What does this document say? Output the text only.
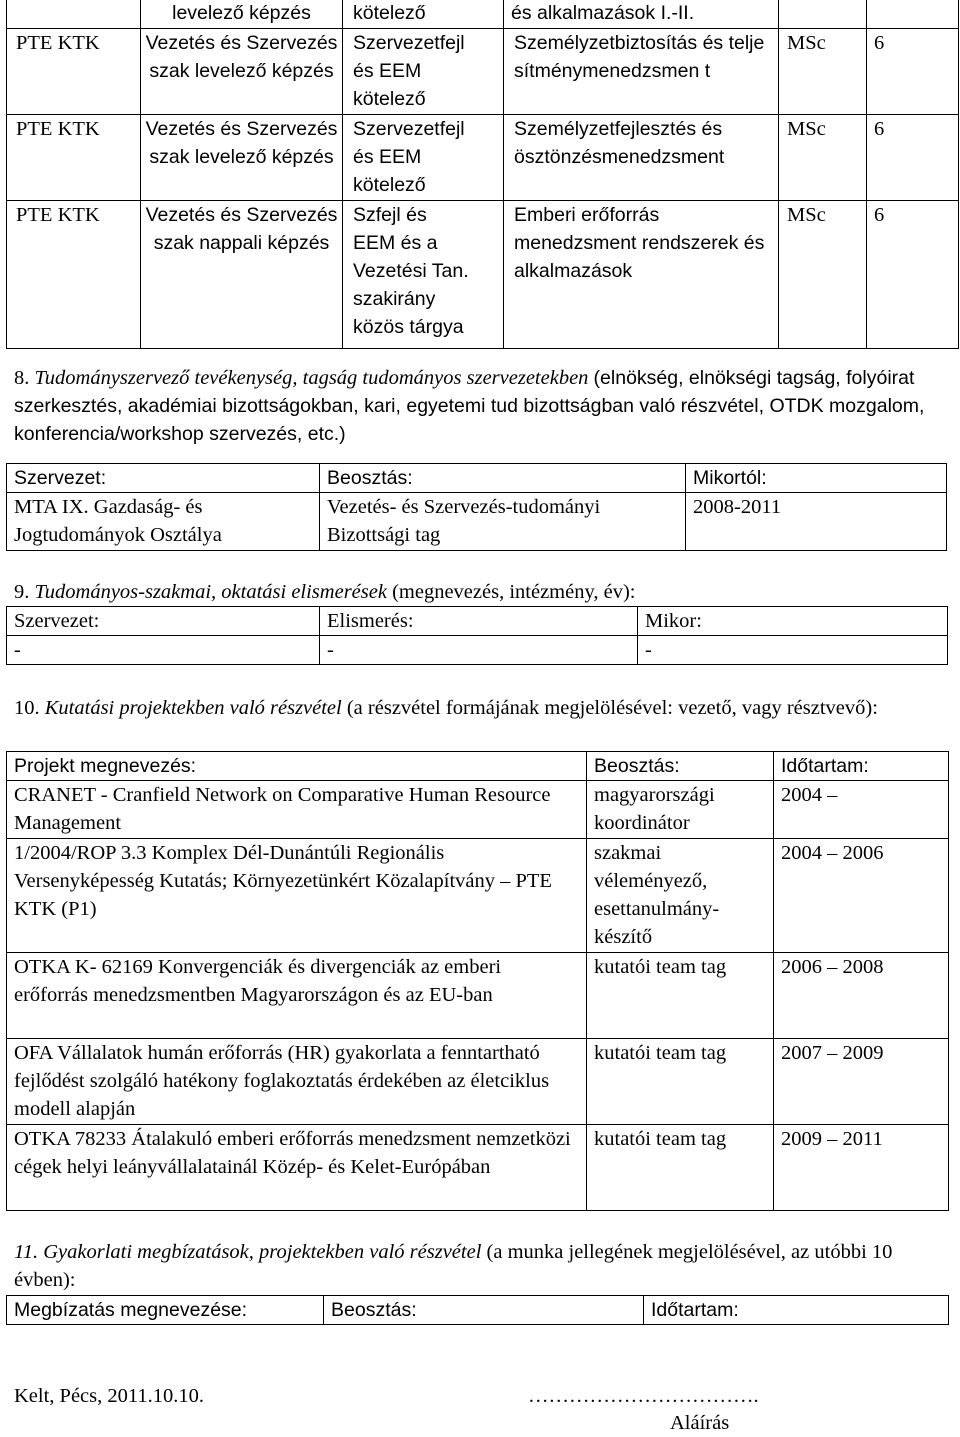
	levelező képzés	kötelező	és alkalmazások I.-II.		
PTE KTK	Vezetés és Szervezés szak levelező képzés	Szervezetfejl és EEM kötelező	Személyzetbiztosítás és teljesítménymenedzsmen t	MSc	6
PTE KTK	Vezetés és Szervezés szak levelező képzés	Szervezetfejl és EEM kötelező	Személyzetfejlesztés és ösztönzésmenedzsment	MSc	6
PTE KTK	Vezetés és Szervezés szak nappali képzés	Szfejl és EEM és a Vezetési Tan. szakirány közös tárgya	Emberi erőforrás menedzsment rendszerek és alkalmazások	MSc	6
8. Tudományszervező tevékenység, tagság tudományos szervezetekben (elnökség, elnökségi tagság, folyóirat szerkesztés, akadémiai bizottságokban, kari, egyetemi tud bizottságban való részvétel, OTDK mozgalom, konferencia/workshop szervezés, etc.)
Szervezet:	Beosztás:	Mikortól:
MTA IX. Gazdaság- és Jogtudományok Osztálya	Vezetés- és Szervezés-tudományi Bizottsági tag	2008-2011
9. Tudományos-szakmai, oktatási elismerések (megnevezés, intézmény, év):
Szervezet:	Elismerés:	Mikor:
-	-	-
10. Kutatási projektekben való részvétel (a részvétel formájának megjelölésével: vezető, vagy résztvevő):
Projekt megnevezés:	Beosztás:	Időtartam:
CRANET - Cranfield Network on Comparative Human Resource Management	magyarországi koordinátor	2004 –
1/2004/ROP 3.3 Komplex Dél-Dunántúli Regionális Versenyképesség Kutatás; Környezetünkért Közalapítvány – PTE KTK (P1)	szakmai véleményező, esettanulmány-készítő	2004 – 2006
OTKA K- 62169 Konvergenciák és divergenciák az emberi erőforrás menedzsmentben Magyarországon és az EU-ban	kutatói team tag	2006 – 2008
OFA Vállalatok humán erőforrás (HR) gyakorlata a fenntartható fejlődést szolgáló hatékony foglakoztatás érdekében az életciklus modell alapján	kutatói team tag	2007 – 2009
OTKA 78233 Átalakuló emberi erőforrás menedzsment nemzetközi cégek helyi leányvállalatainál Közép- és Kelet-Európában	kutatói team tag	2009 – 2011
11. Gyakorlati megbízatások, projektekben való részvétel (a munka jellegének megjelölésével, az utóbbi 10 évben):
Megbízatás megnevezése:	Beosztás:	Időtartam:
Kelt, Pécs, 2011.10.10.	…………………………….
Aláírás
